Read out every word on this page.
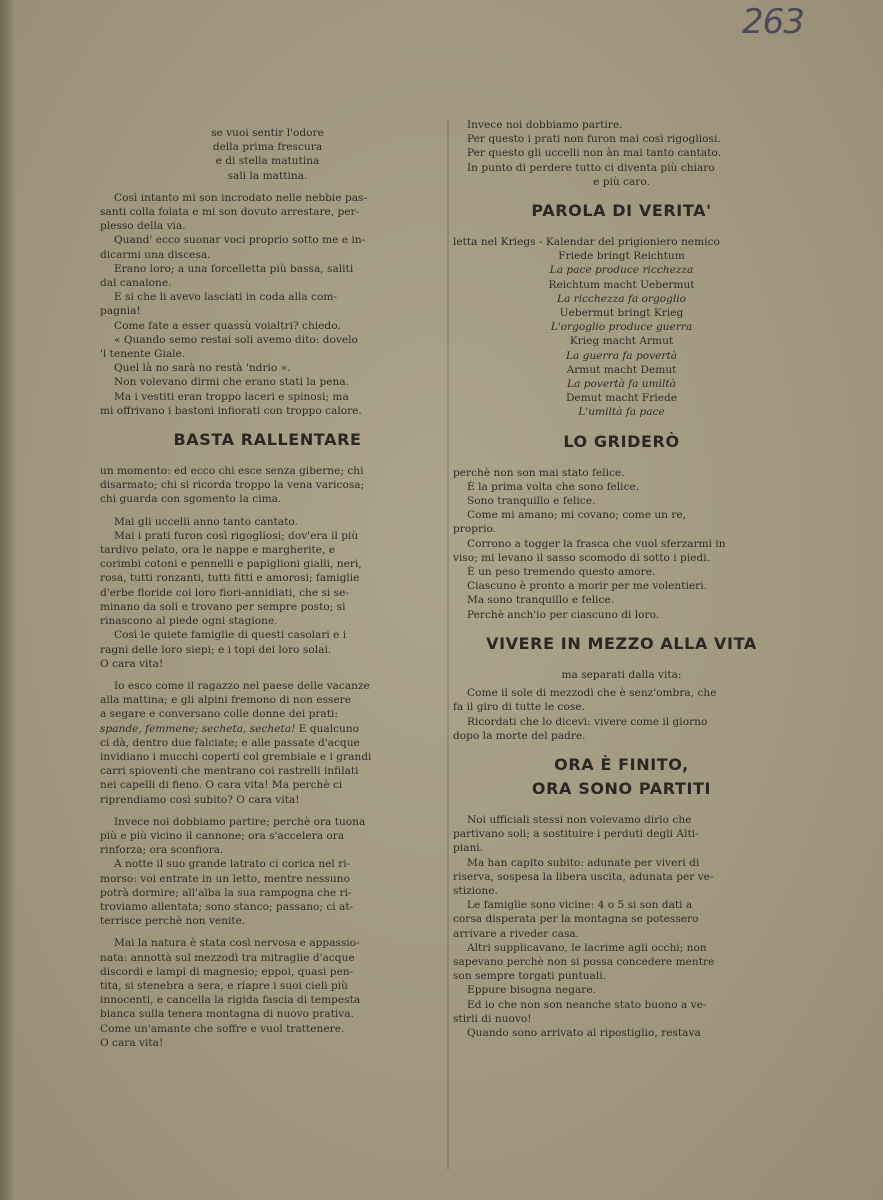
263

se vuoi sentir l'odore

della prima frescura

e di stella matutina

sali la mattina.

Così intanto mi son incrodato nelle nebbie pas-

santi colla folata e mi son dovuto arrestare, per-

plesso della via.

Quand' ecco suonar voci proprio sotto me e in-

dicarmi una discesa.

Erano loro; a una forcelletta più bassa, saliti

dal canalone.

E si che li avevo lasciati in coda alla com-

pagnia!

Come fate a esser quassù voialtri? chiedo.

« Quando semo restai soli avemo dito: dovelo

'l tenente Giale.

Quel là no sarà no restà 'ndrio ».

Non volevano dirmi che erano stati la pena.

Ma i vestiti eran troppo laceri e spinosi; ma

mi offrivano i bastoni infiorati con troppo calore.

BASTA RALLENTARE

un momento: ed ecco chi esce senza giberne; chi

disarmato; chi si ricorda troppo la vena varicosa;

chi guarda con sgomento la cima.

Mai gli uccelli anno tanto cantato.

Mai i prati furon così rigogliosi; dov'era il più

tardivo pelato, ora le nappe e margherite, e

corimbi cotoni e pennelli e papiglioni gialli, neri,

rosa, tutti ronzanti, tutti fitti e amorosi; famiglie

d'erbe floride coi loro fiori-annidiati, che si se-

minano da soli e trovano per sempre posto; si

rinascono al piede ogni stagione.

Così le quiete famiglie di questi casolari e i

ragni delle loro siepi; e i topi dei loro solai.

O cara vita!

Io esco come il ragazzo nel paese delle vacanze

alla mattina; e gli alpini fremono di non essere

a segare e conversano colle donne dei prati:

spande, femmene; secheta, secheta! E qualcuno

ci dà, dentro due falciate; e alle passate d'acque

invidiano i mucchi coperti col grembiale e i grandi

carri spioventi che mentrano coi rastrelli infilati

nei capelli di fieno. O cara vita! Ma perchè ci

riprendiamo così subito? O cara vita!

Invece noi dobbiamo partire; perchè ora tuona

più e più vicino il cannone; ora s'accelera ora

rinforza; ora sconfiora.

A notte il suo grande latrato ci corica nel ri-

morso: voi entrate in un letto, mentre nessuno

potrà dormire; all'alba la sua rampogna che ri-

troviamo allentata; sono stanco; passano; ci at-

terrisce perchè non venite.

Mai la natura è stata così nervosa e appassio-

nata: annottà sul mezzodì tra mitraglie d'acque

discordi e lampi di magnesio; eppoi, quasi pen-

tita, si stenebra a sera, e riapre i suoi cieli più

innocenti, e cancella la rigida fascia di tempesta

bianca sulla tenera montagna di nuovo prativa.

Come un'amante che soffre e vuol trattenere.

O cara vita!

Invece noi dobbiamo partire.

Per questo i prati non furon mai così rigogliosi.

Per questo gli uccelli non àn mai tanto cantato.

In punto di perdere tutto ci diventa più chiaro

e più caro.

PAROLA DI VERITA'

letta nel Kriegs - Kalendar del prigioniero nemico

Friede bringt Reichtum

La pace produce ricchezza

Reichtum macht Uebermut

La ricchezza fa orgoglio

Uebermut bringt Krieg

L'orgoglio produce guerra

Krieg macht Armut

La guerra fa povertà

Armut macht Demut

La povertà fa umiltà

Demut macht Friede

L'umiltà fa pace

LO GRIDERÒ

perchè non son mai stato felice.

È la prima volta che sono felice.

Sono tranquillo e felice.

Come mi amano; mi covano; come un re,

proprio.

Corrono a togger la frasca che vuol sferzarmi in

viso; mi levano il sasso scomodo di sotto i piedi.

È un peso tremendo questo amore.

Ciascuno è pronto a morir per me volentieri.

Ma sono tranquillo e felice.

Perchè anch'io per ciascuno di loro.

VIVERE IN MEZZO ALLA VITA

ma separati dalla vita:

Come il sole di mezzodì che è senz'ombra, che

fa il giro di tutte le cose.

Ricordati che lo dicevi: vivere come il giorno

dopo la morte del padre.

ORA È FINITO,
ORA SONO PARTITI

Noi ufficiali stessi non volevamo dirlo che

partivano soli; a sostituire i perduti degli Alti-

piani.

Ma han capito subito: adunate per viveri di

riserva, sospesa la libera uscita, adunata per ve-

stizione.

Le famiglie sono vicine: 4 o 5 si son dati a

corsa disperata per la montagna se potessero

arrivare a riveder casa.

Altri supplicavano, le lacrime agli occhi; non

sapevano perchè non si possa concedere mentre

son sempre torgati puntuali.

Eppure bisogna negare.

Ed io che non son neanche stato buono a ve-

stirli di nuovo!

Quando sono arrivato al ripostiglio, restava
